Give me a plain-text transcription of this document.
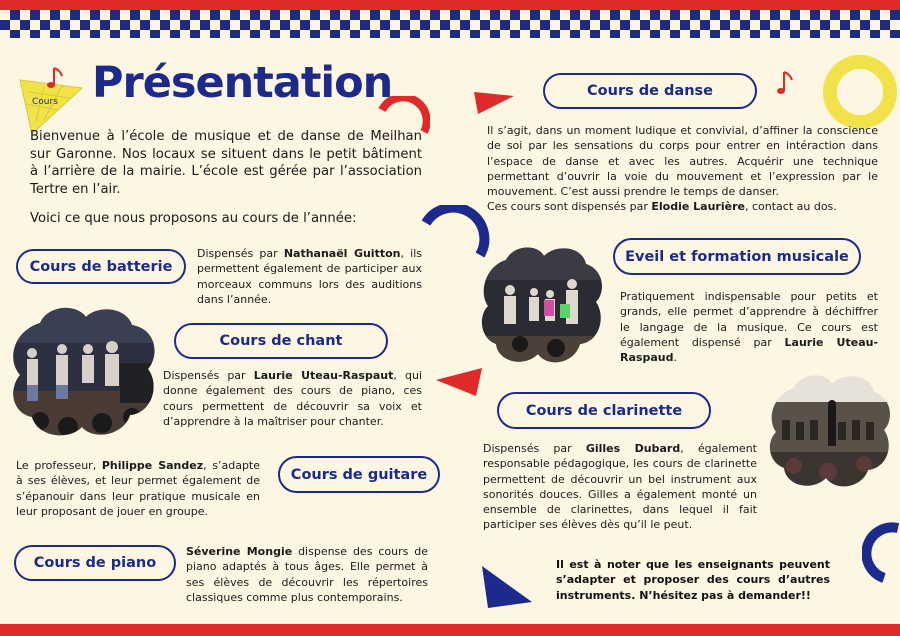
Cours Présentation
Bienvenue à l’école de musique et de danse de Meilhan sur Garonne. Nos locaux se situent dans le petit bâtiment à l’arrière de la mairie. L’école est gérée par l’association Tertre en l’air.
Voici ce que nous proposons au cours de l’année:
Cours de batterie
Dispensés par Nathanaël Guitton, ils permettent également de participer aux morceaux communs lors des auditions dans l’année.
Cours de chant
Dispensés par Laurie Uteau-Raspaut, qui donne également des cours de piano, ces cours permettent de découvrir sa voix et d’apprendre à la maîtriser pour chanter.
Le professeur, Philippe Sandez, s’adapte à ses élèves, et leur permet également de s’épanouir dans leur pratique musicale en leur proposant de jouer en groupe.
Cours de guitare
Cours de piano
Séverine Mongie dispense des cours de piano adaptés à tous âges. Elle permet à ses élèves de découvrir les répertoires classiques comme plus contemporains.
Cours de danse
Il s’agit, dans un moment ludique et convivial, d’affiner la conscience de soi par les sensations du corps pour entrer en intéraction dans l’espace de danse et avec les autres. Acquérir une technique permettant d’ouvrir la voie du mouvement et l’expression par le mouvement. C’est aussi prendre le temps de danser.
Ces cours sont dispensés par Elodie Laurière, contact au dos.
Eveil et formation musicale
Pratiquement indispensable pour petits et grands, elle permet d’apprendre à déchiffrer le langage de la musique. Ce cours est également dispensé par Laurie Uteau-Raspaud.
Cours de clarinette
Dispensés par Gilles Dubard, également responsable pédagogique, les cours de clarinette permettent de découvrir un bel instrument aux sonorités douces. Gilles a également monté un ensemble de clarinettes, dans lequel il fait participer ses élèves dès qu’il le peut.
Il est à noter que les enseignants peuvent s’adapter et proposer des cours d’autres instruments. N’hésitez pas à demander!!
